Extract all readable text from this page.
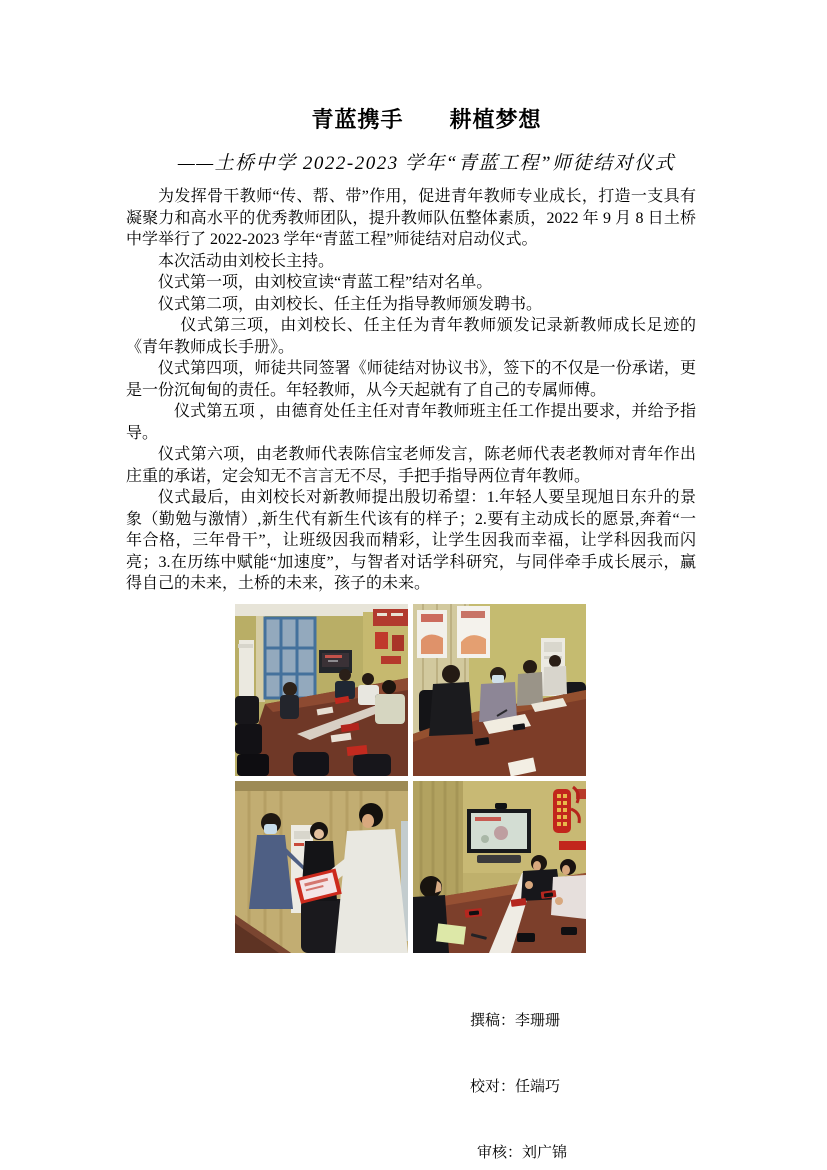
青蓝携手　　耕植梦想
——土桥中学 2022-2023 学年“青蓝工程”师徒结对仪式

为发挥骨干教师“传、帮、带”作用，促进青年教师专业成长，打造一支具有凝聚力和高水平的优秀教师团队，提升教师队伍整体素质，2022 年 9 月 8 日土桥中学举行了 2022-2023 学年“青蓝工程”师徒结对启动仪式。

本次活动由刘校长主持。

仪式第一项，由刘校宣读“青蓝工程”结对名单。

仪式第二项，由刘校长、任主任为指导教师颁发聘书。

仪式第三项，由刘校长、任主任为青年教师颁发记录新教师成长足迹的《青年教师成长手册》。

仪式第四项，师徒共同签署《师徒结对协议书》，签下的不仅是一份承诺，更是一份沉甸甸的责任。年轻教师，从今天起就有了自己的专属师傅。

仪式第五项 ，由德育处任主任对青年教师班主任工作提出要求，并给予指导。

仪式第六项，由老教师代表陈信宝老师发言，陈老师代表老教师对青年作出庄重的承诺，定会知无不言言无不尽，手把手指导两位青年教师。

仪式最后，由刘校长对新教师提出殷切希望：1.年轻人要呈现旭日东升的景象（勤勉与激情）,新生代有新生代该有的样子；2.要有主动成长的愿景,奔着“一年合格，三年骨干”，让班级因我而精彩，让学生因我而幸福，让学科因我而闪亮；3.在历练中赋能“加速度”，与智者对话学科研究，与同伴牵手成长展示，赢得自己的未来，土桥的未来，孩子的未来。

撰稿：李珊珊

校对：任端巧

审核：刘广锦
